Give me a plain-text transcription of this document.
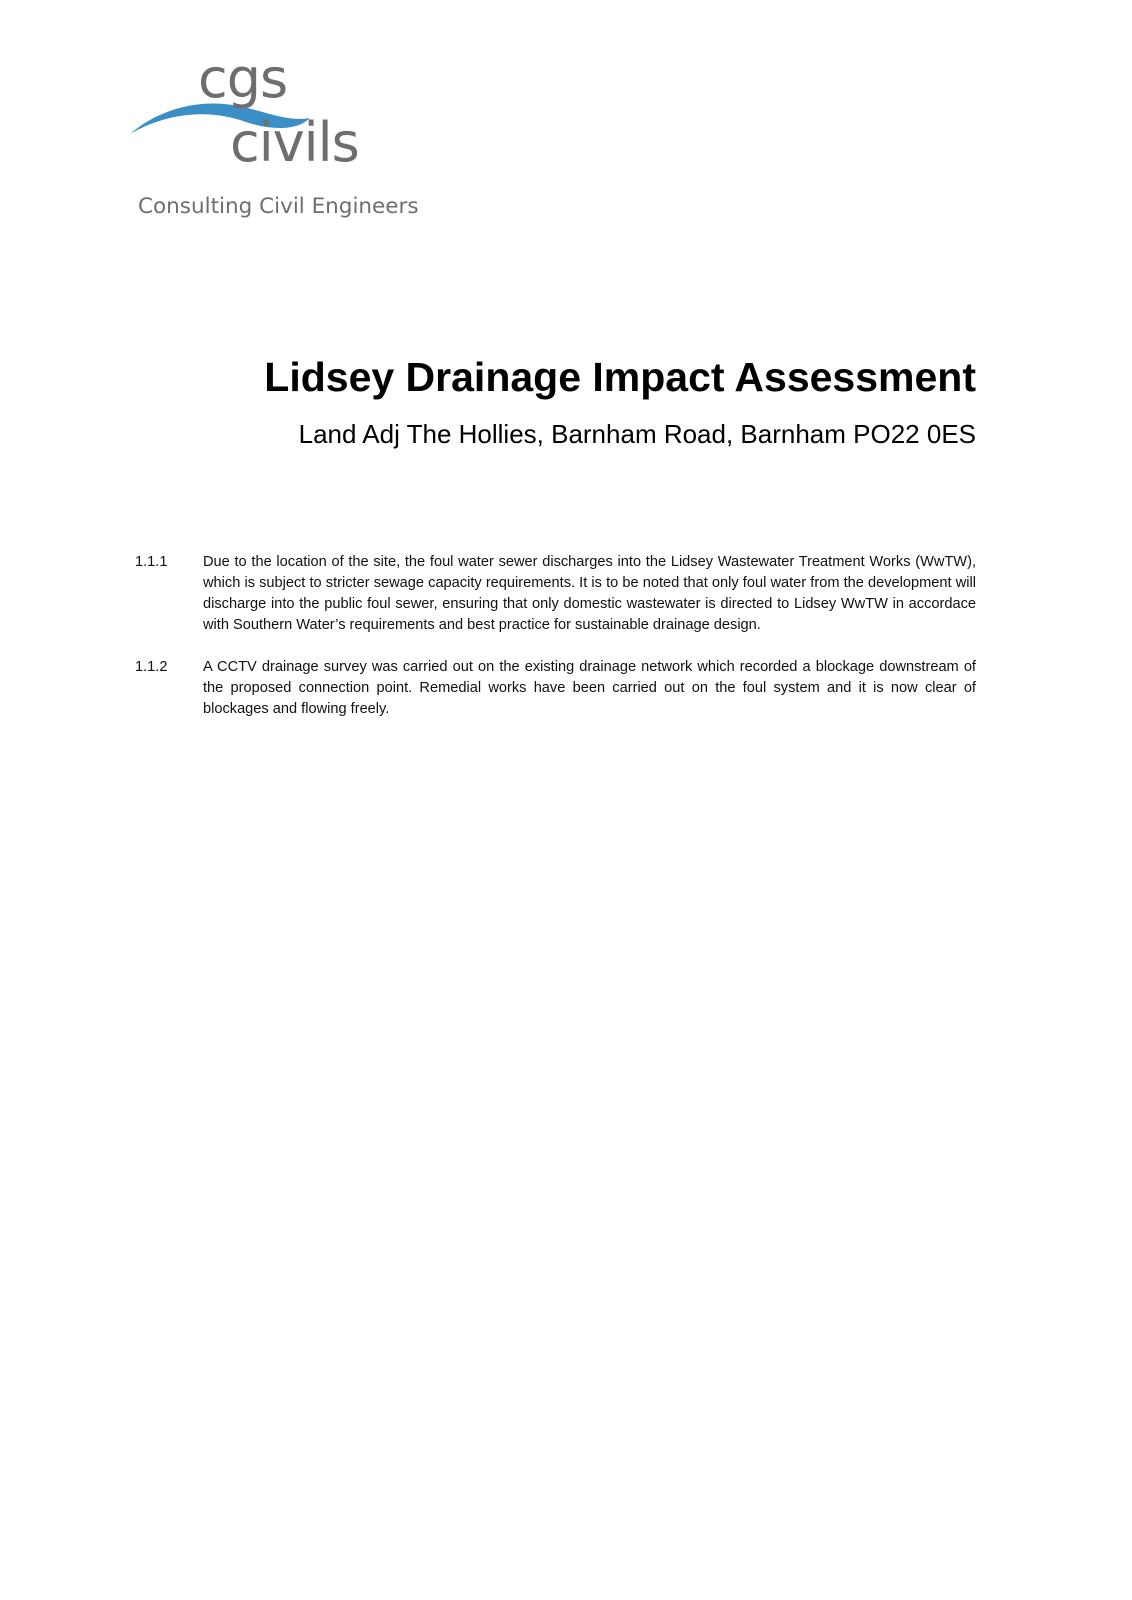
cgs
civils
Consulting Civil Engineers
Lidsey Drainage Impact Assessment
Land Adj The Hollies, Barnham Road, Barnham PO22 0ES
1.1.1	Due to the location of the site, the foul water sewer discharges into the Lidsey Wastewater Treatment Works (WwTW), which is subject to stricter sewage capacity requirements. It is to be noted that only foul water from the development will discharge into the public foul sewer, ensuring that only domestic wastewater is directed to Lidsey WwTW in accordace with Southern Water’s requirements and best practice for sustainable drainage design.
1.1.2	A CCTV drainage survey was carried out on the existing drainage network which recorded a blockage downstream of the proposed connection point. Remedial works have been carried out on the foul system and it is now clear of blockages and flowing freely.
